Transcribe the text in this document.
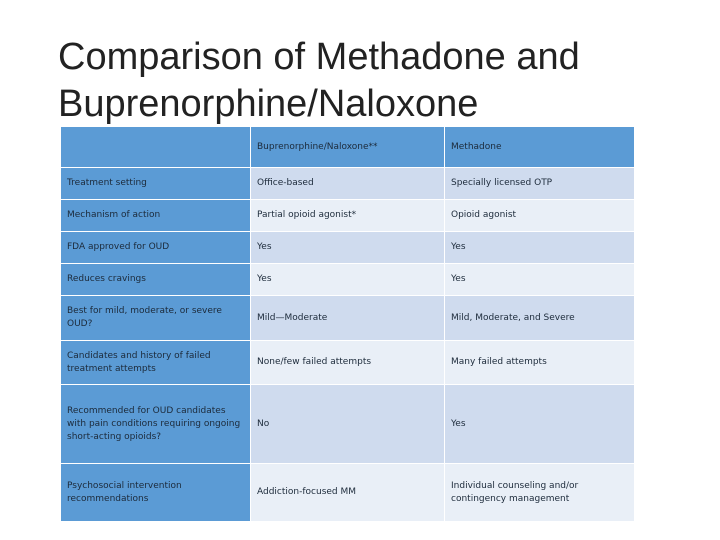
Comparison of Methadone and Buprenorphine/Naloxone
	Buprenorphine/Naloxone**	Methadone
Treatment setting	Office-based	Specially licensed OTP
Mechanism of action	Partial opioid agonist*	Opioid agonist
FDA approved for OUD	Yes	Yes
Reduces cravings	Yes	Yes
Best for mild, moderate, or severe OUD?	Mild—Moderate	Mild, Moderate, and Severe
Candidates and history of failed treatment attempts	None/few failed attempts	Many failed attempts
Recommended for OUD candidates with pain conditions requiring ongoing short-acting opioids?	No	Yes
Psychosocial intervention recommendations	Addiction-focused MM	Individual counseling and/or contingency management
